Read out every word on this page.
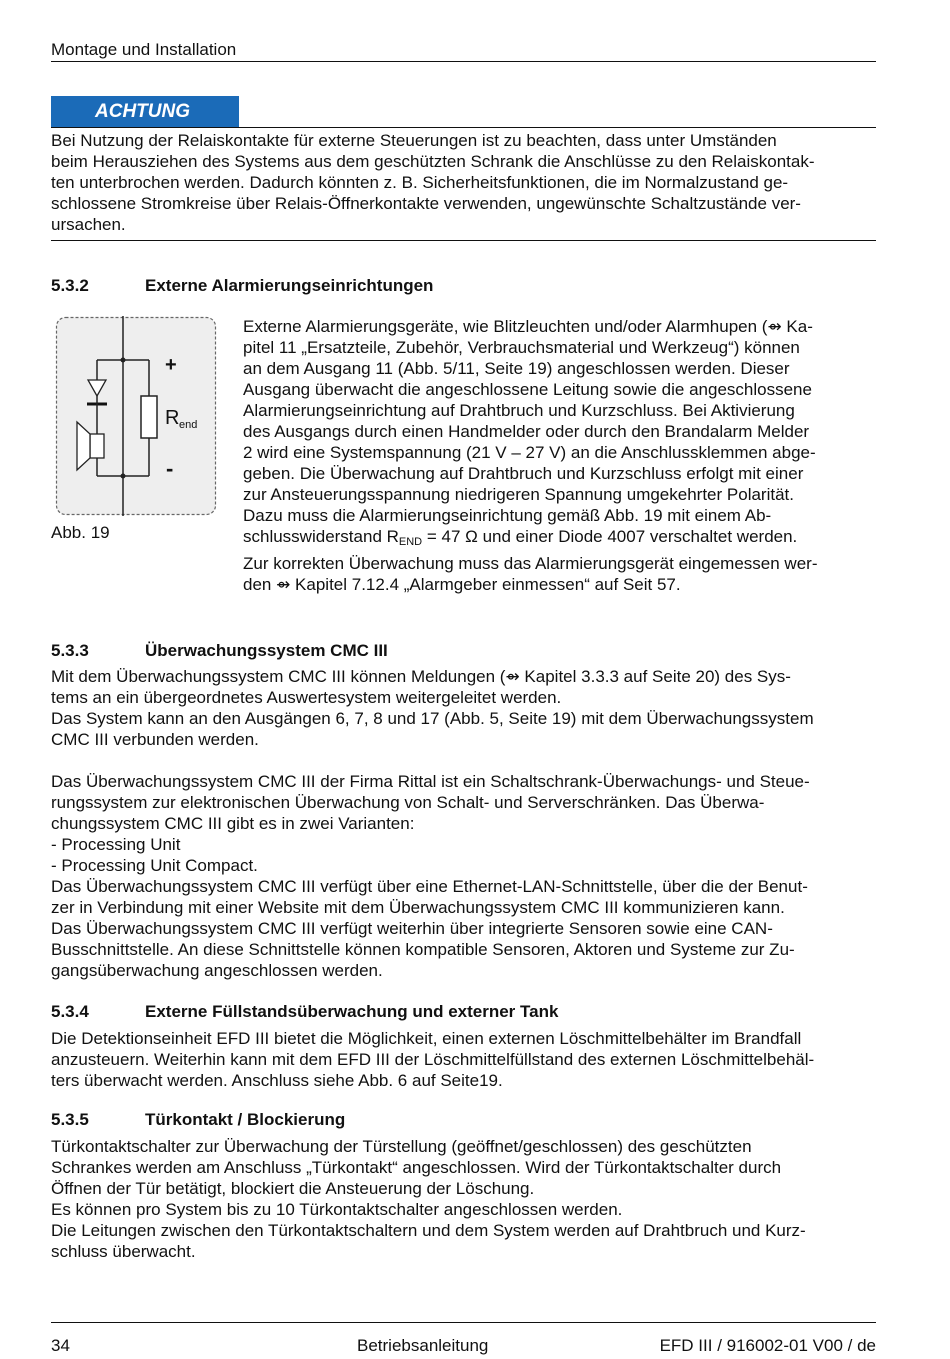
Montage und Installation
ACHTUNG
Bei Nutzung der Relaiskontakte für externe Steuerungen ist zu beachten, dass unter Umständen
beim Herausziehen des Systems aus dem geschützten Schrank die Anschlüsse zu den Relaiskontak-
ten unterbrochen werden. Dadurch könnten z. B. Sicherheitsfunktionen, die im Normalzustand ge-
schlossene Stromkreise über Relais-Öffnerkontakte verwenden, ungewünschte Schaltzustände ver-
ursachen.
5.3.2	Externe Alarmierungseinrichtungen
+
R end
-
Abb. 19
Externe Alarmierungsgeräte, wie Blitzleuchten und/oder Alarmhupen (⇴ Ka-
pitel 11 „Ersatzteile, Zubehör, Verbrauchsmaterial und Werkzeug“) können
an dem Ausgang 11 (Abb. 5/11, Seite 19) angeschlossen werden. Dieser
Ausgang überwacht die angeschlossene Leitung sowie die angeschlossene
Alarmierungseinrichtung auf Drahtbruch und Kurzschluss. Bei Aktivierung
des Ausgangs durch einen Handmelder oder durch den Brandalarm Melder
2 wird eine Systemspannung (21 V – 27 V) an die Anschlussklemmen abge-
geben. Die Überwachung auf Drahtbruch und Kurzschluss erfolgt mit einer
zur Ansteuerungsspannung niedrigeren Spannung umgekehrter Polarität.
Dazu muss die Alarmierungseinrichtung gemäß Abb. 19 mit einem Ab-
schlusswiderstand $R_{END} = 47$ Ω und einer Diode 4007 verschaltet werden.
Zur korrekten Überwachung muss das Alarmierungsgerät eingemessen wer-
den ⇴ Kapitel 7.12.4 „Alarmgeber einmessen“ auf Seit 57.
5.3.3	Überwachungssystem CMC III
Mit dem Überwachungssystem CMC III können Meldungen (⇴ Kapitel 3.3.3 auf Seite 20) des Sys-
tems an ein übergeordnetes Auswertesystem weitergeleitet werden.
Das System kann an den Ausgängen 6, 7, 8 und 17 (Abb. 5, Seite 19) mit dem Überwachungssystem
CMC III verbunden werden.
Das Überwachungssystem CMC III der Firma Rittal ist ein Schaltschrank-Überwachungs- und Steue-
rungssystem zur elektronischen Überwachung von Schalt- und Serverschränken. Das Überwa-
chungssystem CMC III gibt es in zwei Varianten:
- Processing Unit
- Processing Unit Compact.
Das Überwachungssystem CMC III verfügt über eine Ethernet-LAN-Schnittstelle, über die der Benut-
zer in Verbindung mit einer Website mit dem Überwachungssystem CMC III kommunizieren kann.
Das Überwachungssystem CMC III verfügt weiterhin über integrierte Sensoren sowie eine CAN-
Busschnittstelle. An diese Schnittstelle können kompatible Sensoren, Aktoren und Systeme zur Zu-
gangsüberwachung angeschlossen werden.
5.3.4	Externe Füllstandsüberwachung und externer Tank
Die Detektionseinheit EFD III bietet die Möglichkeit, einen externen Löschmittelbehälter im Brandfall
anzusteuern. Weiterhin kann mit dem EFD III der Löschmittelfüllstand des externen Löschmittelbehäl-
ters überwacht werden. Anschluss siehe Abb. 6 auf Seite19.
5.3.5	Türkontakt / Blockierung
Türkontaktschalter zur Überwachung der Türstellung (geöffnet/geschlossen) des geschützten
Schrankes werden am Anschluss „Türkontakt“ angeschlossen. Wird der Türkontaktschalter durch
Öffnen der Tür betätigt, blockiert die Ansteuerung der Löschung.
Es können pro System bis zu 10 Türkontaktschalter angeschlossen werden.
Die Leitungen zwischen den Türkontaktschaltern und dem System werden auf Drahtbruch und Kurz-
schluss überwacht.
34	Betriebsanleitung	EFD III / 916002-01 V00 / de
